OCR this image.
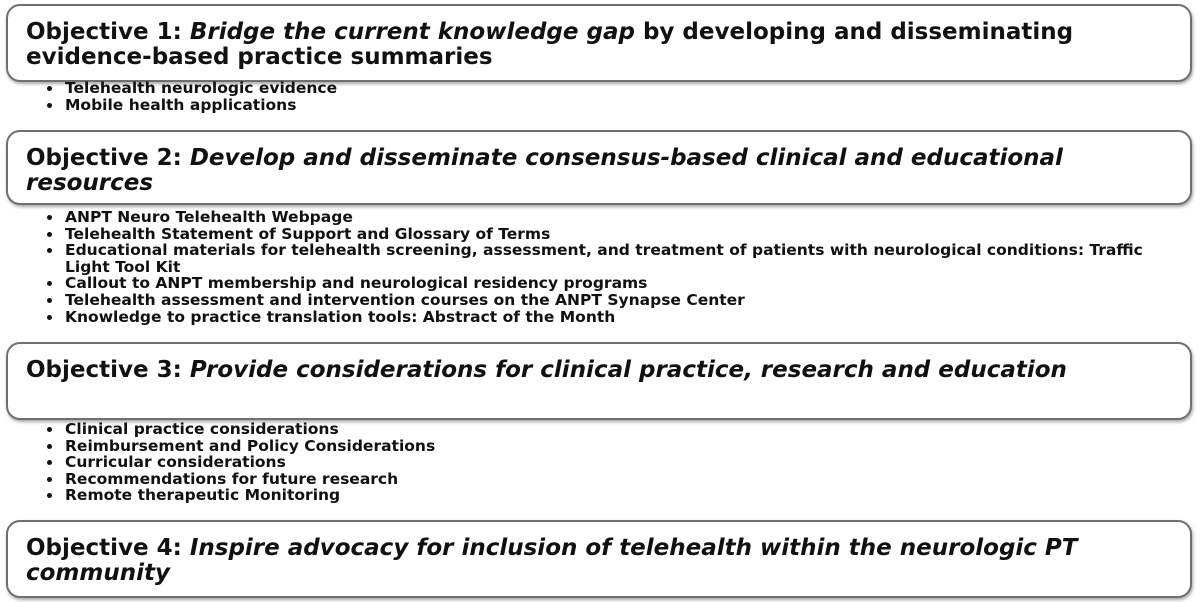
Objective 1: Bridge the current knowledge gap by developing and disseminating evidence-based practice summaries
Telehealth neurologic evidence
Mobile health applications
Objective 2: Develop and disseminate consensus-based clinical and educational resources
ANPT Neuro Telehealth Webpage
Telehealth Statement of Support and Glossary of Terms
Educational materials for telehealth screening, assessment, and treatment of patients with neurological conditions: Traffic Light Tool Kit
Callout to ANPT membership and neurological residency programs
Telehealth assessment and intervention courses on the ANPT Synapse Center
Knowledge to practice translation tools: Abstract of the Month
Objective 3: Provide considerations for clinical practice, research and education
Clinical practice considerations
Reimbursement and Policy Considerations
Curricular considerations
Recommendations for future research
Remote therapeutic Monitoring
Objective 4: Inspire advocacy for inclusion of telehealth within the neurologic PT community
